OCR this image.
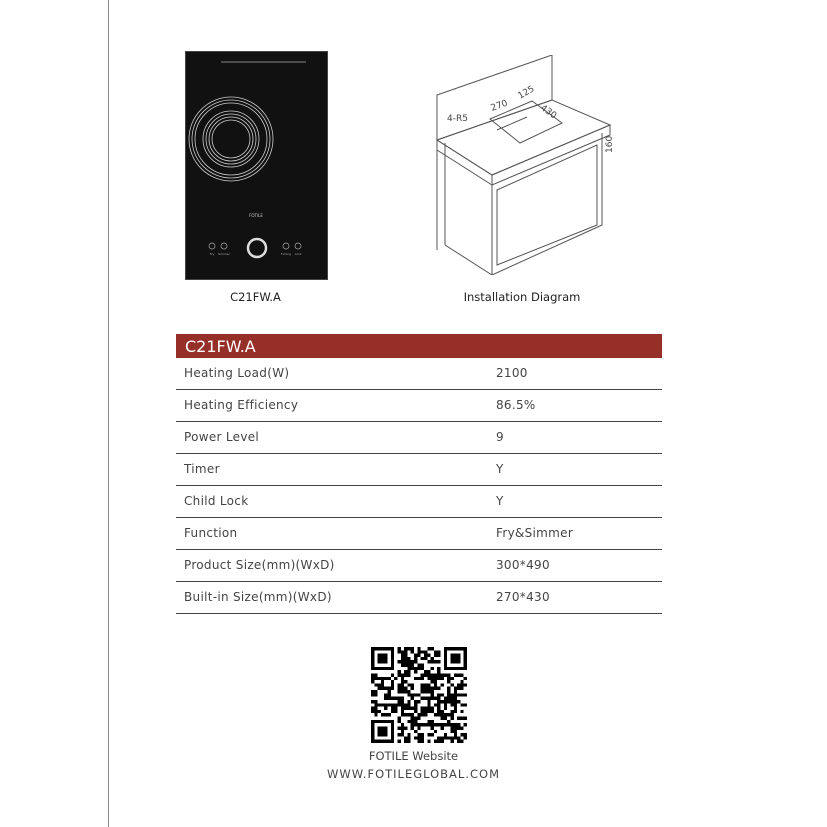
FOTILE
Fry Simmer	Timing Lock
C21FW.A
4-R5
270
125
430
160
Installation Diagram
C21FW.A
Heating Load(W)	2100
Heating Efficiency	86.5%
Power Level	9
Timer	Y
Child Lock	Y
Function	Fry&Simmer
Product Size(mm)(WxD)	300*490
Built-in Size(mm)(WxD)	270*430
FOTILE Website
WWW.FOTILEGLOBAL.COM
